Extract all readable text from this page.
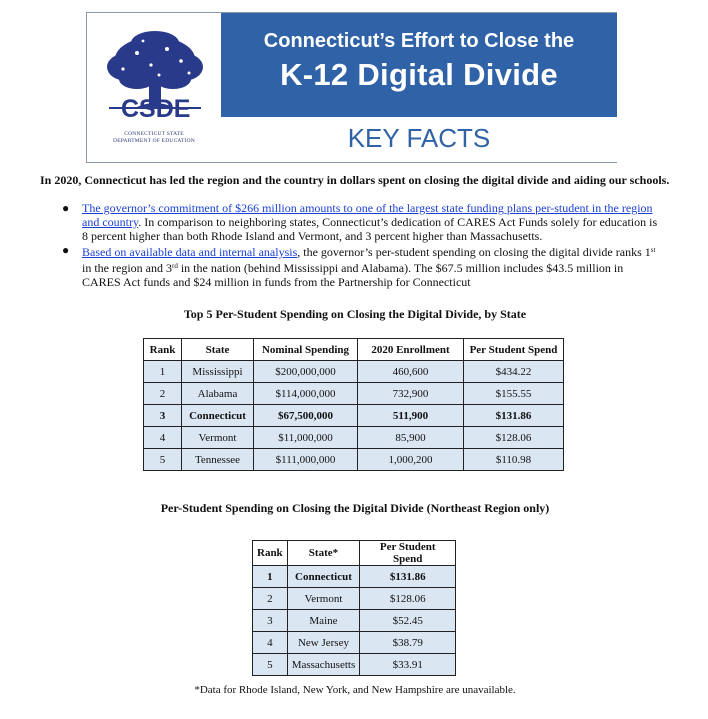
CSDE
CONNECTICUT STATE
DEPARTMENT OF EDUCATION
Connecticut’s Effort to Close the
K-12 Digital Divide
KEY FACTS
In 2020, Connecticut has led the region and the country in dollars spent on closing the digital divide and aiding our schools.
● The governor’s commitment of $266 million amounts to one of the largest state funding plans per-student in the region and country. In comparison to neighboring states, Connecticut’s dedication of CARES Act Funds solely for education is 8 percent higher than both Rhode Island and Vermont, and 3 percent higher than Massachusetts.
● Based on available data and internal analysis, the governor’s per-student spending on closing the digital divide ranks 1st in the region and 3rd in the nation (behind Mississippi and Alabama). The $67.5 million includes $43.5 million in CARES Act funds and $24 million in funds from the Partnership for Connecticut
Top 5 Per-Student Spending on Closing the Digital Divide, by State
Rank	State	Nominal Spending	2020 Enrollment	Per Student Spend
1	Mississippi	$200,000,000	460,600	$434.22
2	Alabama	$114,000,000	732,900	$155.55
3	Connecticut	$67,500,000	511,900	$131.86
4	Vermont	$11,000,000	85,900	$128.06
5	Tennessee	$111,000,000	1,000,200	$110.98
Per-Student Spending on Closing the Digital Divide (Northeast Region only)
Rank	State*	Per Student Spend
1	Connecticut	$131.86
2	Vermont	$128.06
3	Maine	$52.45
4	New Jersey	$38.79
5	Massachusetts	$33.91
*Data for Rhode Island, New York, and New Hampshire are unavailable.
